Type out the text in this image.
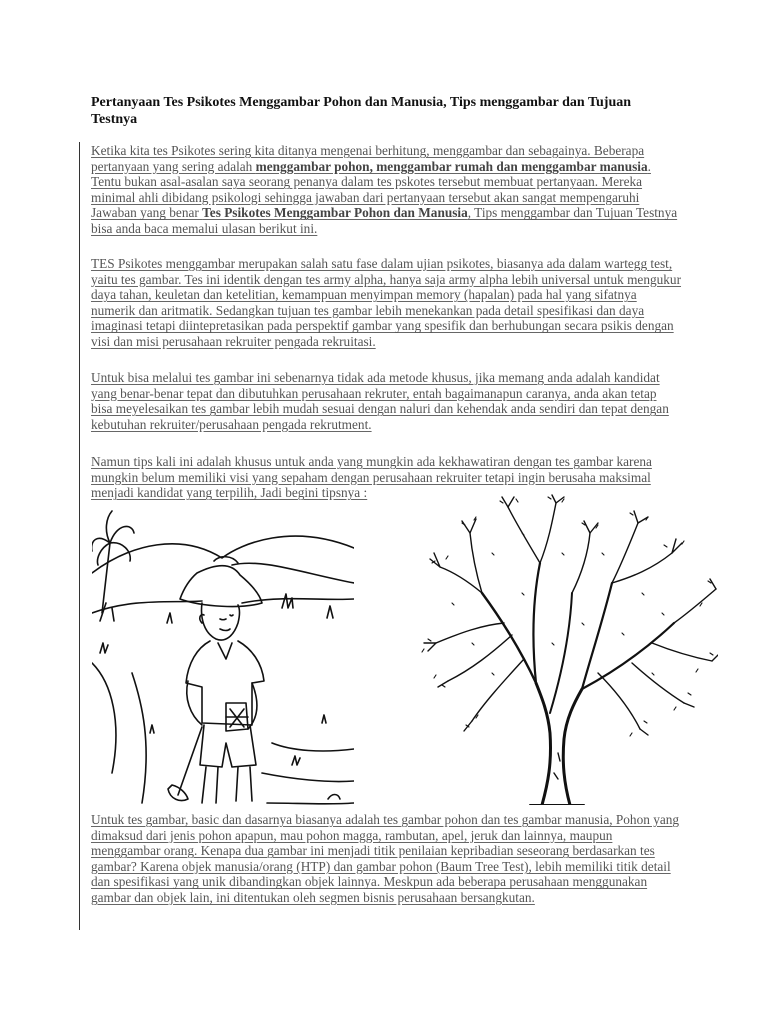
Pertanyaan Tes Psikotes Menggambar Pohon dan Manusia, Tips menggambar dan Tujuan Testnya
Ketika kita tes Psikotes sering kita ditanya mengenai berhitung, menggambar dan sebagainya. Beberapa pertanyaan yang sering adalah menggambar pohon, menggambar rumah dan menggambar manusia. Tentu bukan asal-asalan saya seorang penanya dalam tes pskotes tersebut membuat pertanyaan. Mereka minimal ahli dibidang psikologi sehingga jawaban dari pertanyaan tersebut akan sangat mempengaruhi Jawaban yang benar Tes Psikotes Menggambar Pohon dan Manusia, Tips menggambar dan Tujuan Testnya bisa anda baca memalui ulasan berikut ini.
TES Psikotes menggambar merupakan salah satu fase dalam ujian psikotes, biasanya ada dalam wartegg test, yaitu tes gambar. Tes ini identik dengan tes army alpha, hanya saja army alpha lebih universal untuk mengukur daya tahan, keuletan dan ketelitian, kemampuan menyimpan memory (hapalan) pada hal yang sifatnya numerik dan aritmatik. Sedangkan tujuan tes gambar lebih menekankan pada detail spesifikasi dan daya imaginasi tetapi diintepretasikan pada perspektif gambar yang spesifik dan berhubungan secara psikis dengan visi dan misi perusahaan rekruiter pengada rekruitasi.
Untuk bisa melalui tes gambar ini sebenarnya tidak ada metode khusus, jika memang anda adalah kandidat yang benar-benar tepat dan dibutuhkan perusahaan rekruter, entah bagaimanapun caranya, anda akan tetap bisa meyelesaikan tes gambar lebih mudah sesuai dengan naluri dan kehendak anda sendiri dan tepat dengan kebutuhan rekruiter/perusahaan pengada rekrutment.
Namun tips kali ini adalah khusus untuk anda yang mungkin ada kekhawatiran dengan tes gambar karena mungkin belum memiliki visi yang sepaham dengan perusahaan rekruiter tetapi ingin berusaha maksimal menjadi kandidat yang terpilih, Jadi begini tipsnya :
Untuk tes gambar, basic dan dasarnya biasanya adalah tes gambar pohon dan tes gambar manusia, Pohon yang dimaksud dari jenis pohon apapun, mau pohon magga, rambutan, apel, jeruk dan lainnya, maupun menggambar orang. Kenapa dua gambar ini menjadi titik penilaian kepribadian seseorang berdasarkan tes gambar? Karena objek manusia/orang (HTP) dan gambar pohon (Baum Tree Test), lebih memiliki titik detail dan spesifikasi yang unik dibandingkan objek lainnya. Meskpun ada beberapa perusahaan menggunakan gambar dan objek lain, ini ditentukan oleh segmen bisnis perusahaan bersangkutan.
